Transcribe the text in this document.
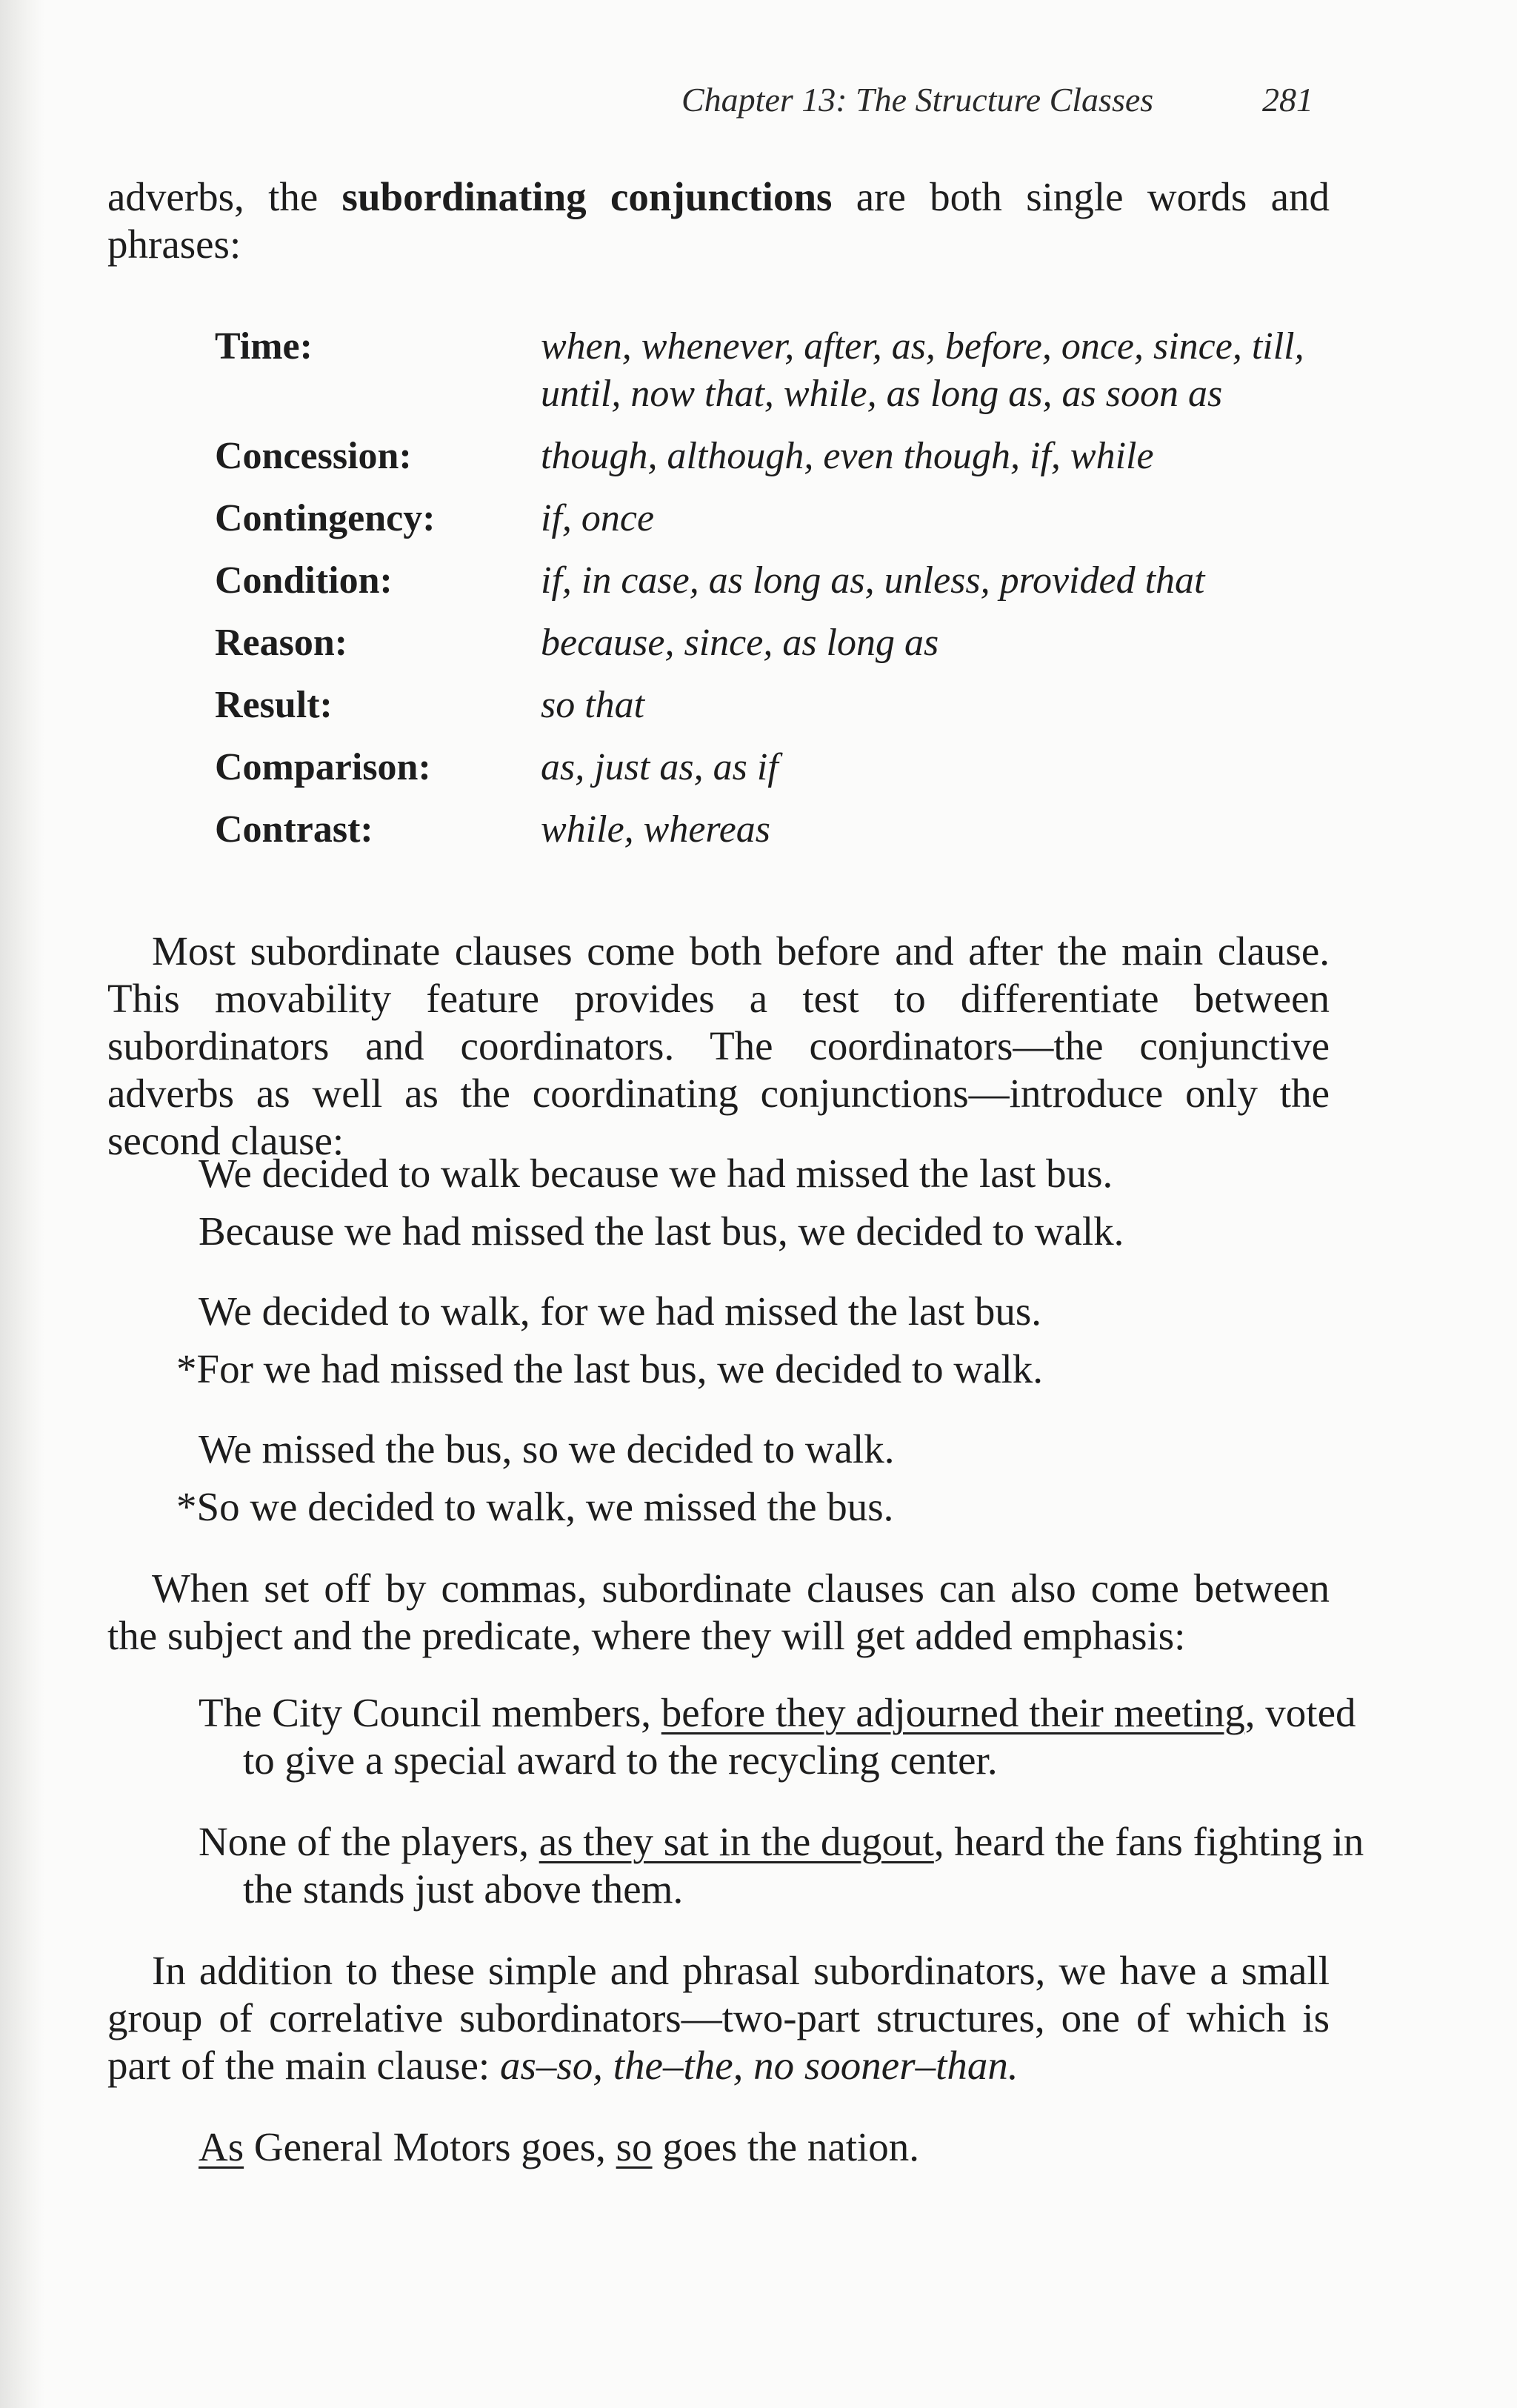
Chapter 13: The Structure Classes	281
adverbs, the subordinating conjunctions are both single words and phrases:
Time:	when, whenever, after, as, before, once, since, till, until, now that, while, as long as, as soon as
Concession:	though, although, even though, if, while
Contingency:	if, once
Condition:	if, in case, as long as, unless, provided that
Reason:	because, since, as long as
Result:	so that
Comparison:	as, just as, as if
Contrast:	while, whereas
Most subordinate clauses come both before and after the main clause. This movability feature provides a test to differentiate between subordinators and coordinators. The coordinators—the conjunctive adverbs as well as the coordinating conjunctions—introduce only the second clause:
We decided to walk because we had missed the last bus.
Because we had missed the last bus, we decided to walk.
We decided to walk, for we had missed the last bus.
*For we had missed the last bus, we decided to walk.
We missed the bus, so we decided to walk.
*So we decided to walk, we missed the bus.
When set off by commas, subordinate clauses can also come between the subject and the predicate, where they will get added emphasis:
The City Council members, before they adjourned their meeting, voted to give a special award to the recycling center.
None of the players, as they sat in the dugout, heard the fans fighting in the stands just above them.
In addition to these simple and phrasal subordinators, we have a small group of correlative subordinators—two-part structures, one of which is part of the main clause: as–so, the–the, no sooner–than.
As General Motors goes, so goes the nation.
